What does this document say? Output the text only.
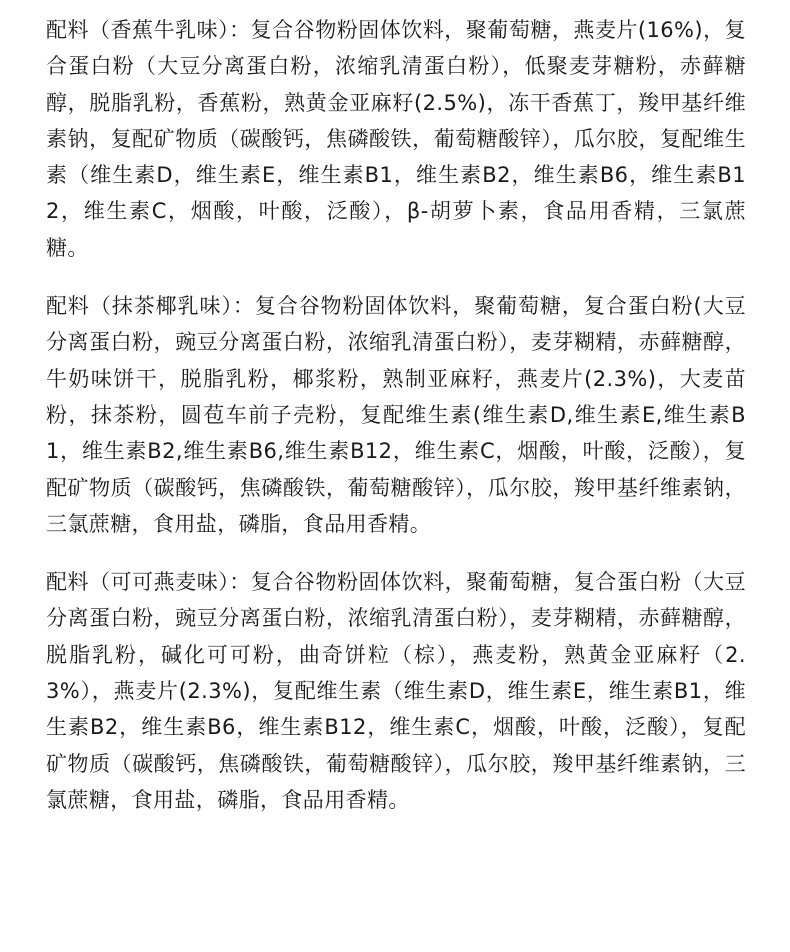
配料（香蕉牛乳味）：复合谷物粉固体饮料，聚葡萄糖，燕麦片(16%)，复合蛋白粉（大豆分离蛋白粉，浓缩乳清蛋白粉），低聚麦芽糖粉，赤藓糖醇，脱脂乳粉，香蕉粉，熟黄金亚麻籽(2.5%)，冻干香蕉丁，羧甲基纤维素钠，复配矿物质（碳酸钙，焦磷酸铁，葡萄糖酸锌），瓜尔胶，复配维生素（维生素D，维生素E，维生素B1，维生素B2，维生素B6，维生素B12，维生素C，烟酸，叶酸，泛酸），β-胡萝卜素，食品用香精，三氯蔗糖。

配料（抹茶椰乳味）：复合谷物粉固体饮料，聚葡萄糖，复合蛋白粉(大豆分离蛋白粉，豌豆分离蛋白粉，浓缩乳清蛋白粉），麦芽糊精，赤藓糖醇，牛奶味饼干，脱脂乳粉，椰浆粉，熟制亚麻籽，燕麦片(2.3%)，大麦苗粉，抹茶粉，圆苞车前子壳粉，复配维生素(维生素D,维生素E,维生素B1，维生素B2,维生素B6,维生素B12，维生素C，烟酸，叶酸，泛酸），复配矿物质（碳酸钙，焦磷酸铁，葡萄糖酸锌），瓜尔胶，羧甲基纤维素钠，三氯蔗糖，食用盐，磷脂，食品用香精。

配料（可可燕麦味）：复合谷物粉固体饮料，聚葡萄糖，复合蛋白粉（大豆分离蛋白粉，豌豆分离蛋白粉，浓缩乳清蛋白粉），麦芽糊精，赤藓糖醇，脱脂乳粉，碱化可可粉，曲奇饼粒（棕），燕麦粉，熟黄金亚麻籽（2.3%），燕麦片(2.3%)，复配维生素（维生素D，维生素E，维生素B1，维生素B2，维生素B6，维生素B12，维生素C，烟酸，叶酸，泛酸），复配矿物质（碳酸钙，焦磷酸铁，葡萄糖酸锌），瓜尔胶，羧甲基纤维素钠，三氯蔗糖，食用盐，磷脂，食品用香精。
